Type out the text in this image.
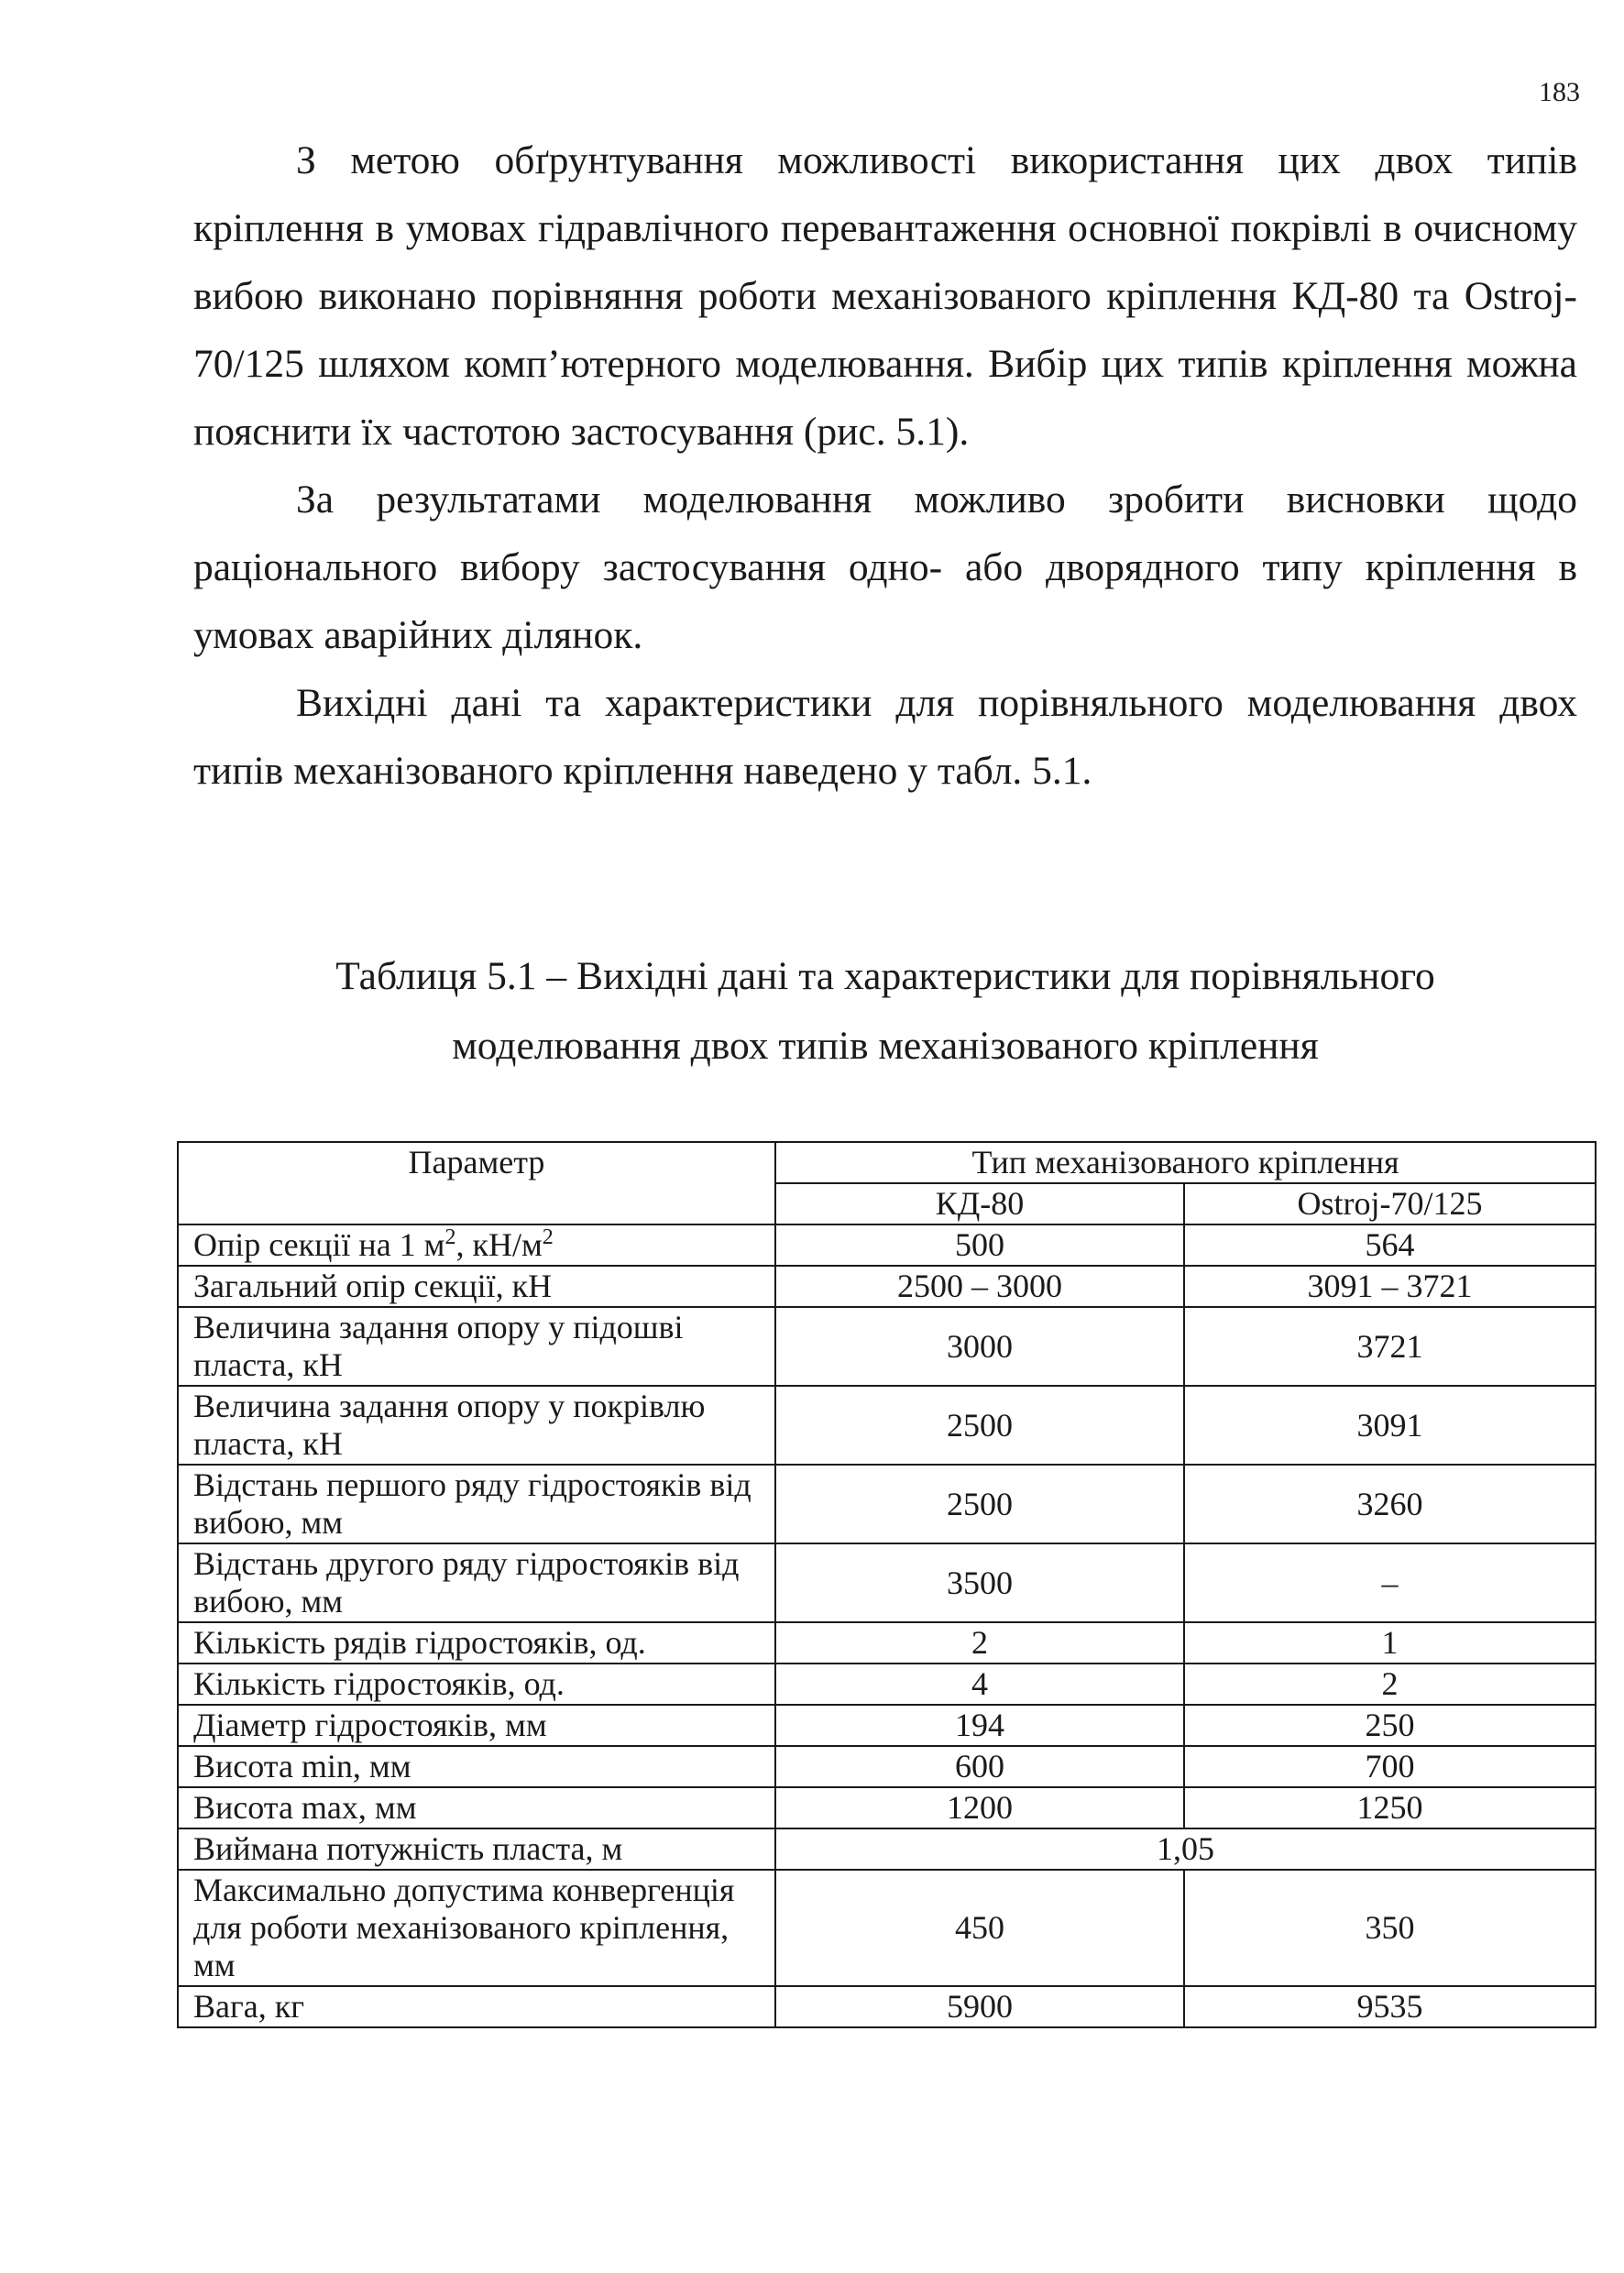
183

З метою обґрунтування можливості використання цих двох типів кріплення в умовах гідравлічного перевантаження основної покрівлі в очисному вибою виконано порівняння роботи механізованого кріплення КД-80 та Ostroj-70/125 шляхом комп’ютерного моделювання. Вибір цих типів кріплення можна пояснити їх частотою застосування (рис. 5.1).

За результатами моделювання можливо зробити висновки щодо раціонального вибору застосування одно- або дворядного типу кріплення в умовах аварійних ділянок.

Вихідні дані та характеристики для порівняльного моделювання двох типів механізованого кріплення наведено у табл. 5.1.

Таблиця 5.1 – Вихідні дані та характеристики для порівняльного
моделювання двох типів механізованого кріплення
Параметр	Тип механізованого кріплення	
	КД-80	Ostroj-70/125
Опір секції на 1 $м^2$, $кН/м^2$	500	564
Загальний опір секції, кН	2500 – 3000	3091 – 3721
Величина задання опору у підошві пласта, кН	3000	3721
Величина задання опору у покрівлю пласта, кН	2500	3091
Відстань першого ряду гідростояків від вибою, мм	2500	3260
Відстань другого ряду гідростояків від вибою, мм	3500	–
Кількість рядів гідростояків, од.	2	1
Кількість гідростояків, од.	4	2
Діаметр гідростояків, мм	194	250
Висота min, мм	600	700
Висота max, мм	1200	1250
Виймана потужність пласта, м	1,05	
Максимально допустима конвергенція для роботи механізованого кріплення, мм	450	350
Вага, кг	5900	9535
